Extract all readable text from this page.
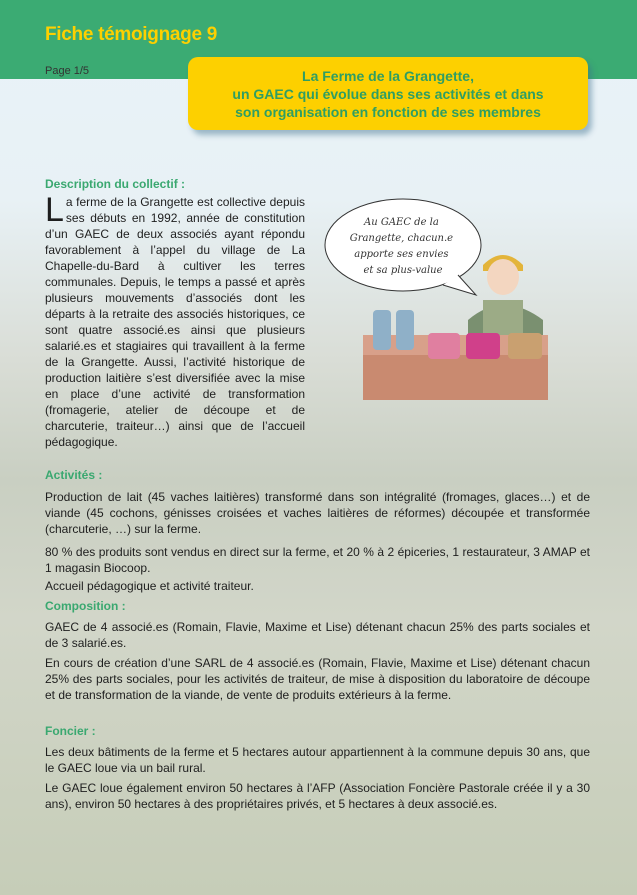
Fiche témoignage 9
Page 1/5	La Ferme de la Grangette,
un GAEC qui évolue dans ses activités et dans
son organisation en fonction de ses membres
Description du collectif :
La ferme de la Grangette est collective depuis ses débuts en 1992, année de constitution d’un GAEC de deux associés ayant répondu favorablement à l’appel du village de La Chapelle-du-Bard à cultiver les terres communales. Depuis, le temps a passé et après plusieurs mouvements d’associés dont les départs à la retraite des associés historiques, ce sont quatre associé.es ainsi que plusieurs salarié.es et stagiaires qui travaillent à la ferme de la Grangette. Aussi, l’activité historique de production laitière s’est diversifiée avec la mise en place d’une activité de transformation (fromagerie, atelier de découpe et de charcuterie, traiteur…) ainsi que de l’accueil pédagogique.
Au GAEC de la Grangette, chacun.e apporte ses envies et sa plus-value
Activités :
Production de lait (45 vaches laitières) transformé dans son intégralité (fromages, glaces…) et de viande (45 cochons, génisses croisées et vaches laitières de réformes) découpée et transformée (charcuterie, …) sur la ferme.
80 % des produits sont vendus en direct sur la ferme, et 20 % à 2 épiceries, 1 restaurateur, 3 AMAP et 1 magasin Biocoop.
Accueil pédagogique et activité traiteur.
Composition :
GAEC de 4 associé.es (Romain, Flavie, Maxime et Lise) détenant chacun 25% des parts sociales et de 3 salarié.es.
En cours de création d’une SARL de 4 associé.es (Romain, Flavie, Maxime et Lise) détenant chacun 25% des parts sociales, pour les activités de traiteur, de mise à disposition du laboratoire de découpe et de transformation de la viande, de vente de produits extérieurs à la ferme.
Foncier :
Les deux bâtiments de la ferme et 5 hectares autour appartiennent à la commune depuis 30 ans, que le GAEC loue via un bail rural.
Le GAEC loue également environ 50 hectares à l’AFP (Association Foncière Pastorale créée il y a 30 ans), environ 50 hectares à des propriétaires privés, et 5 hectares à deux associé.es.
